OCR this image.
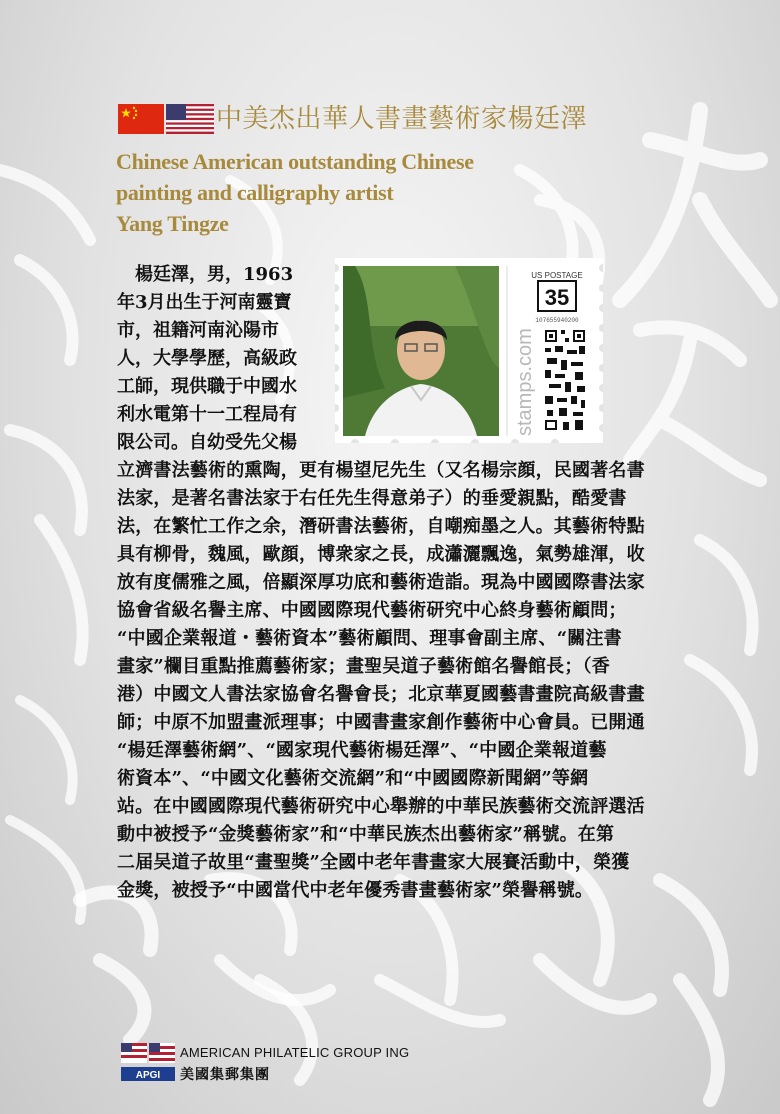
中美杰出華人書畫藝術家楊廷澤
Chinese American outstanding Chinese
painting and calligraphy artist
Yang Tingze
US POSTAGE
35
107655940200
stamps.com
　楊廷澤，男，1963
年3月出生于河南靈寶
市，祖籍河南沁陽市
人，大學學歷，高級政
工師，現供職于中國水
利水電第十一工程局有
限公司。自幼受先父楊
立濟書法藝術的熏陶，更有楊望尼先生（又名楊宗顔，民國著名書
法家，是著名書法家于右任先生得意弟子）的垂愛親點，酷愛書
法，在繁忙工作之余，潛研書法藝術，自嘲痴墨之人。其藝術特點
具有柳骨，魏風，歐顔，博衆家之長，成瀟灑飄逸，氣勢雄渾，收
放有度儒雅之風，倍顯深厚功底和藝術造詣。現為中國國際書法家
協會省級名譽主席、中國國際現代藝術研究中心終身藝術顧問；
“中國企業報道・藝術資本”藝術顧問、理事會副主席、“關注書
畫家”欄目重點推薦藝術家；畫聖吴道子藝術館名譽館長；（香
港）中國文人書法家協會名譽會長；北京華夏國藝書畫院高級書畫
師；中原不加盟畫派理事；中國書畫家創作藝術中心會員。已開通
“楊廷澤藝術網”、“國家現代藝術楊廷澤”、“中國企業報道藝
術資本”、“中國文化藝術交流網”和“中國國際新聞網”等網
站。在中國國際現代藝術研究中心舉辦的中華民族藝術交流評選活
動中被授予“金獎藝術家”和“中華民族杰出藝術家”稱號。在第
二届吴道子故里“畫聖獎”全國中老年書畫家大展賽活動中，榮獲
金獎，被授予“中國當代中老年優秀書畫藝術家”榮譽稱號。
APGI
AMERICAN PHILATELIC GROUP ING
美國集郵集團
